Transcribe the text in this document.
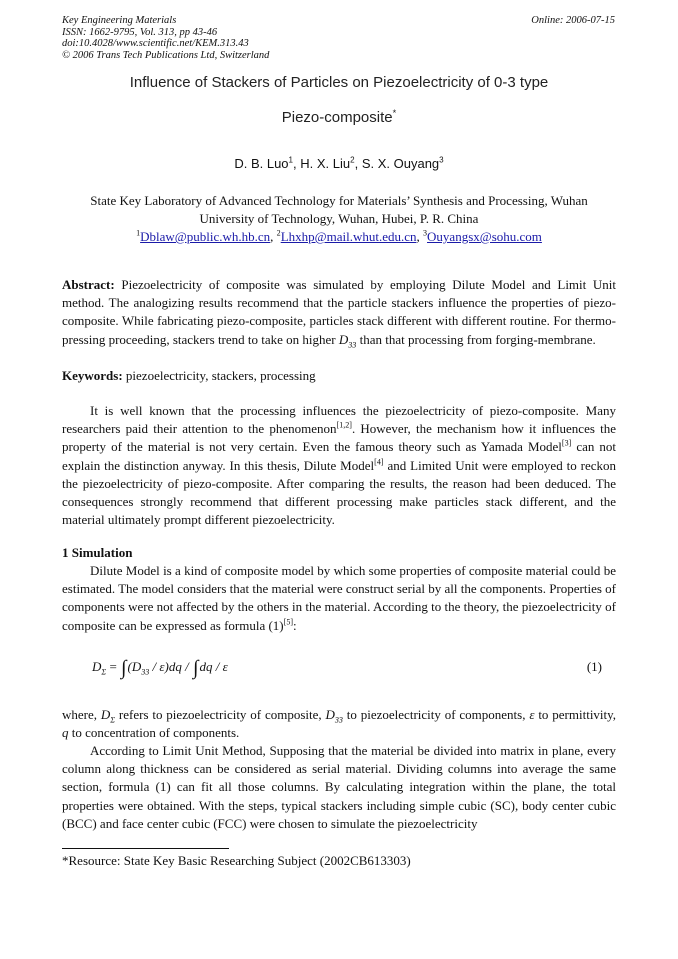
Key Engineering Materials
ISSN: 1662-9795, Vol. 313, pp 43-46
doi:10.4028/www.scientific.net/KEM.313.43
© 2006 Trans Tech Publications Ltd, Switzerland
Online: 2006-07-15
Influence of Stackers of Particles on Piezoelectricity of 0-3 type
Piezo-composite*
D. B. Luo$^1$, H. X. Liu$^2$, S. X. Ouyang$^3$
State Key Laboratory of Advanced Technology for Materials’ Synthesis and Processing, Wuhan
University of Technology, Wuhan, Hubei, P. R. China
$^1$Dblaw@public.wh.hb.cn, $^2$Lhxhp@mail.whut.edu.cn, $^3$Ouyangsx@sohu.com

Abstract: Piezoelectricity of composite was simulated by employing Dilute Model and Limit Unit method. The analogizing results recommend that the particle stackers influence the properties of piezo-composite. While fabricating piezo-composite, particles stack different with different routine. For thermo-pressing proceeding, stackers trend to take on higher $D_{33}$ than that processing from forging-membrane.

Keywords: piezoelectricity, stackers, processing

It is well known that the processing influences the piezoelectricity of piezo-composite. Many researchers paid their attention to the phenomenon[1,2]. However, the mechanism how it influences the property of the material is not very certain. Even the famous theory such as Yamada Model[3] can not explain the distinction anyway. In this thesis, Dilute Model[4] and Limited Unit were employed to reckon the piezoelectricity of piezo-composite. After comparing the results, the reason had been deduced. The consequences strongly recommend that different processing make particles stack different, and the material ultimately prompt different piezoelectricity.

1 Simulation

Dilute Model is a kind of composite model by which some properties of composite material could be estimated. The model considers that the material were construct serial by all the components. Properties of components were not affected by the others in the material. According to the theory, the piezoelectricity of composite can be expressed as formula (1)[5]:

$D_\Sigma = \int(D_{33} / \varepsilon)dq / \int dq / \varepsilon$	(1)

where, $D_\Sigma$ refers to piezoelectricity of composite, $D_{33}$ to piezoelectricity of components, ε to permittivity, q to concentration of components.

According to Limit Unit Method, Supposing that the material be divided into matrix in plane, every column along thickness can be considered as serial material. Dividing columns into average the same section, formula (1) can fit all those columns. By calculating integration within the plane, the total properties were obtained. With the steps, typical stackers including simple cubic (SC), body center cubic (BCC) and face center cubic (FCC) were chosen to simulate the piezoelectricity

*Resource: State Key Basic Researching Subject (2002CB613303)
